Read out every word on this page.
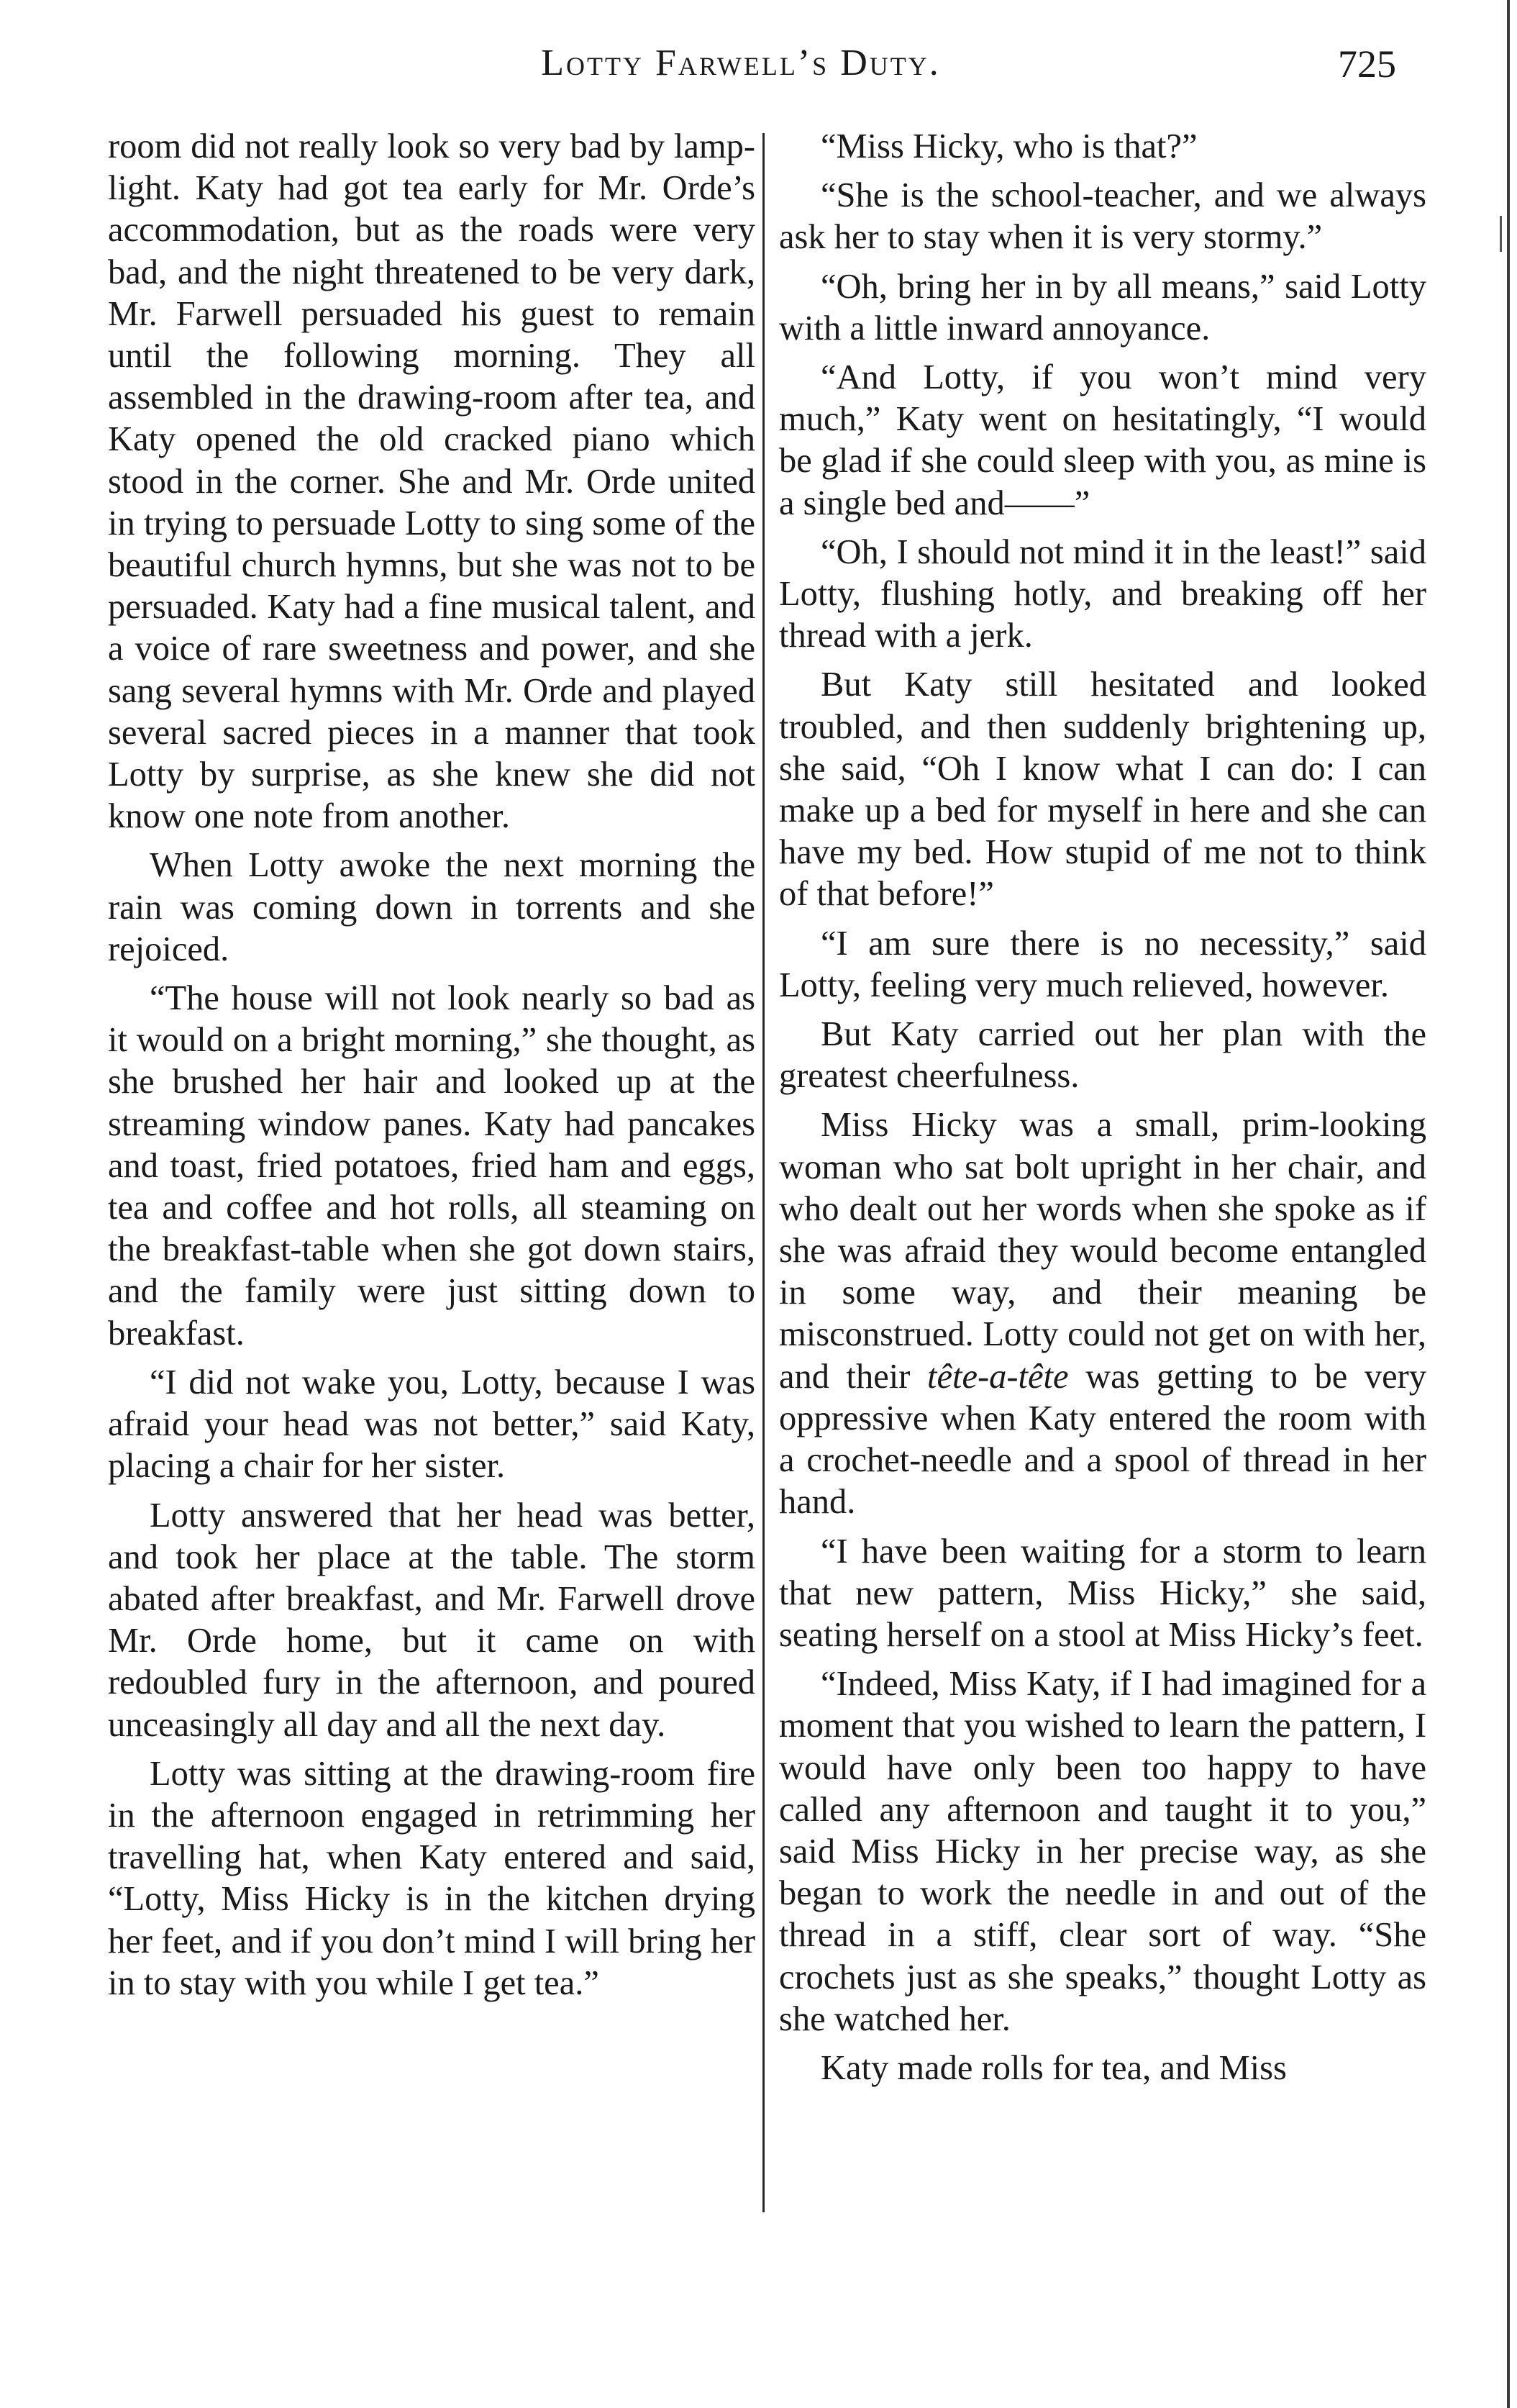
Lotty Farwell’s Duty.	725

room did not really look so very bad by lamp-light. Katy had got tea early for Mr. Orde’s accommodation, but as the roads were very bad, and the night threatened to be very dark, Mr. Farwell persuaded his guest to remain until the following morning. They all assembled in the drawing-room after tea, and Katy opened the old cracked piano which stood in the corner. She and Mr. Orde united in trying to persuade Lotty to sing some of the beautiful church hymns, but she was not to be persuaded. Katy had a fine musical talent, and a voice of rare sweetness and power, and she sang several hymns with Mr. Orde and played several sacred pieces in a manner that took Lotty by surprise, as she knew she did not know one note from another.

When Lotty awoke the next morning the rain was coming down in torrents and she rejoiced.

“The house will not look nearly so bad as it would on a bright morning,” she thought, as she brushed her hair and looked up at the streaming window panes. Katy had pancakes and toast, fried potatoes, fried ham and eggs, tea and coffee and hot rolls, all steaming on the breakfast-table when she got down stairs, and the family were just sitting down to breakfast.

“I did not wake you, Lotty, because I was afraid your head was not better,” said Katy, placing a chair for her sister.

Lotty answered that her head was better, and took her place at the table. The storm abated after breakfast, and Mr. Farwell drove Mr. Orde home, but it came on with redoubled fury in the afternoon, and poured unceasingly all day and all the next day.

Lotty was sitting at the drawing-room fire in the afternoon engaged in retrimming her travelling hat, when Katy entered and said, “Lotty, Miss Hicky is in the kitchen drying her feet, and if you don’t mind I will bring her in to stay with you while I get tea.”

“Miss Hicky, who is that?”

“She is the school-teacher, and we always ask her to stay when it is very stormy.”

“Oh, bring her in by all means,” said Lotty with a little inward annoyance.

“And Lotty, if you won’t mind very much,” Katy went on hesitatingly, “I would be glad if she could sleep with you, as mine is a single bed and——”

“Oh, I should not mind it in the least!” said Lotty, flushing hotly, and breaking off her thread with a jerk.

But Katy still hesitated and looked troubled, and then suddenly brightening up, she said, “Oh I know what I can do: I can make up a bed for myself in here and she can have my bed. How stupid of me not to think of that before!”

“I am sure there is no necessity,” said Lotty, feeling very much relieved, however.

But Katy carried out her plan with the greatest cheerfulness.

Miss Hicky was a small, prim-looking woman who sat bolt upright in her chair, and who dealt out her words when she spoke as if she was afraid they would become entangled in some way, and their meaning be misconstrued. Lotty could not get on with her, and their tête-a-tête was getting to be very oppressive when Katy entered the room with a crochet-needle and a spool of thread in her hand.

“I have been waiting for a storm to learn that new pattern, Miss Hicky,” she said, seating herself on a stool at Miss Hicky’s feet.

“Indeed, Miss Katy, if I had imagined for a moment that you wished to learn the pattern, I would have only been too happy to have called any afternoon and taught it to you,” said Miss Hicky in her precise way, as she began to work the needle in and out of the thread in a stiff, clear sort of way. “She crochets just as she speaks,” thought Lotty as she watched her.

Katy made rolls for tea, and Miss
